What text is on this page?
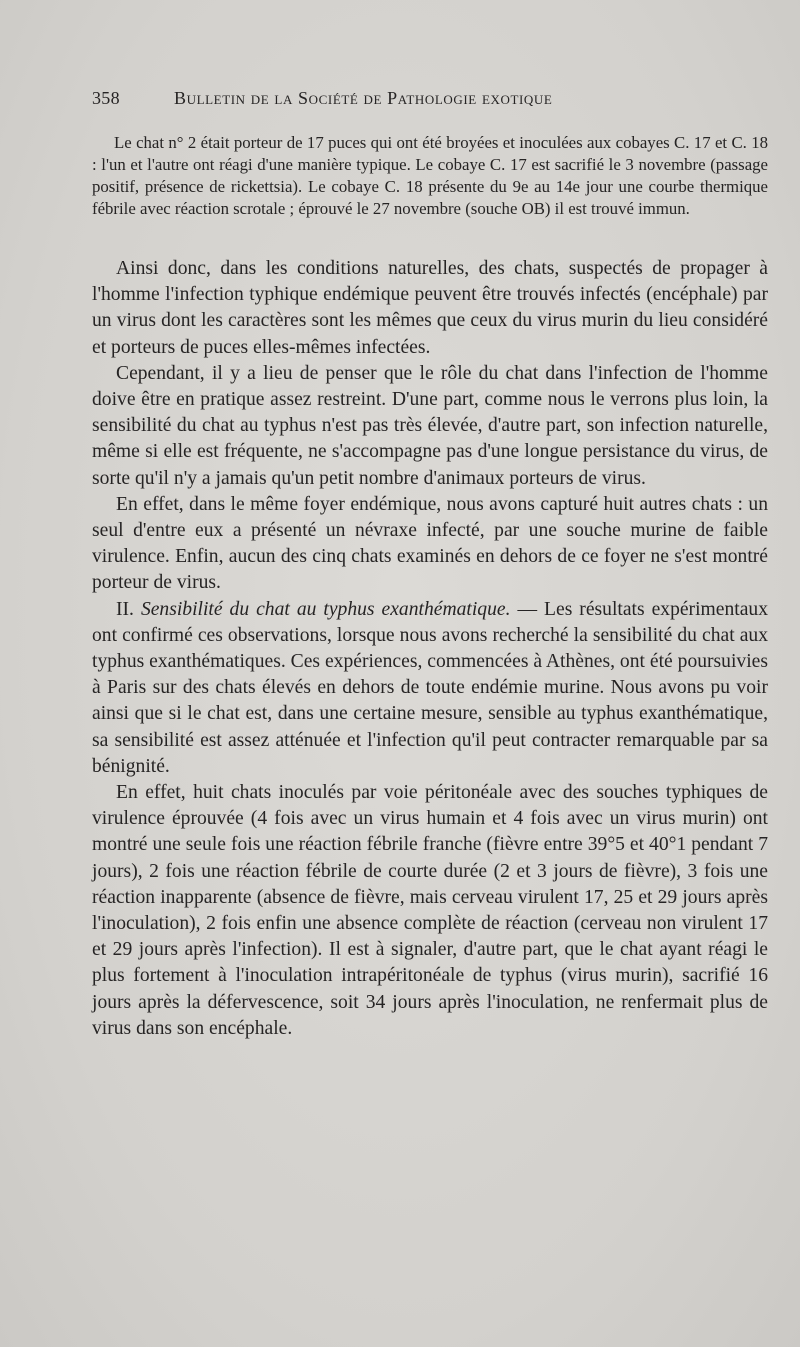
358	Bulletin de la Société de Pathologie exotique

Le chat n° 2 était porteur de 17 puces qui ont été broyées et inoculées aux cobayes C. 17 et C. 18 : l'un et l'autre ont réagi d'une manière typique. Le cobaye C. 17 est sacrifié le 3 novembre (passage positif, présence de rickettsia). Le cobaye C. 18 présente du 9e au 14e jour une courbe thermique fébrile avec réaction scrotale ; éprouvé le 27 novembre (souche OB) il est trouvé immun.

Ainsi donc, dans les conditions naturelles, des chats, suspectés de propager à l'homme l'infection typhique endémique peuvent être trouvés infectés (encéphale) par un virus dont les caractères sont les mêmes que ceux du virus murin du lieu considéré et porteurs de puces elles-mêmes infectées.

Cependant, il y a lieu de penser que le rôle du chat dans l'infection de l'homme doive être en pratique assez restreint. D'une part, comme nous le verrons plus loin, la sensibilité du chat au typhus n'est pas très élevée, d'autre part, son infection naturelle, même si elle est fréquente, ne s'accompagne pas d'une longue persistance du virus, de sorte qu'il n'y a jamais qu'un petit nombre d'animaux porteurs de virus.

En effet, dans le même foyer endémique, nous avons capturé huit autres chats : un seul d'entre eux a présenté un névraxe infecté, par une souche murine de faible virulence. Enfin, aucun des cinq chats examinés en dehors de ce foyer ne s'est montré porteur de virus.

II. Sensibilité du chat au typhus exanthématique. — Les résultats expérimentaux ont confirmé ces observations, lorsque nous avons recherché la sensibilité du chat aux typhus exanthématiques. Ces expériences, commencées à Athènes, ont été poursuivies à Paris sur des chats élevés en dehors de toute endémie murine. Nous avons pu voir ainsi que si le chat est, dans une certaine mesure, sensible au typhus exanthématique, sa sensibilité est assez atténuée et l'infection qu'il peut contracter remarquable par sa bénignité.

En effet, huit chats inoculés par voie péritonéale avec des souches typhiques de virulence éprouvée (4 fois avec un virus humain et 4 fois avec un virus murin) ont montré une seule fois une réaction fébrile franche (fièvre entre 39°5 et 40°1 pendant 7 jours), 2 fois une réaction fébrile de courte durée (2 et 3 jours de fièvre), 3 fois une réaction inapparente (absence de fièvre, mais cerveau virulent 17, 25 et 29 jours après l'inoculation), 2 fois enfin une absence complète de réaction (cerveau non virulent 17 et 29 jours après l'infection). Il est à signaler, d'autre part, que le chat ayant réagi le plus fortement à l'inoculation intrapéritonéale de typhus (virus murin), sacrifié 16 jours après la défervescence, soit 34 jours après l'inoculation, ne renfermait plus de virus dans son encéphale.
